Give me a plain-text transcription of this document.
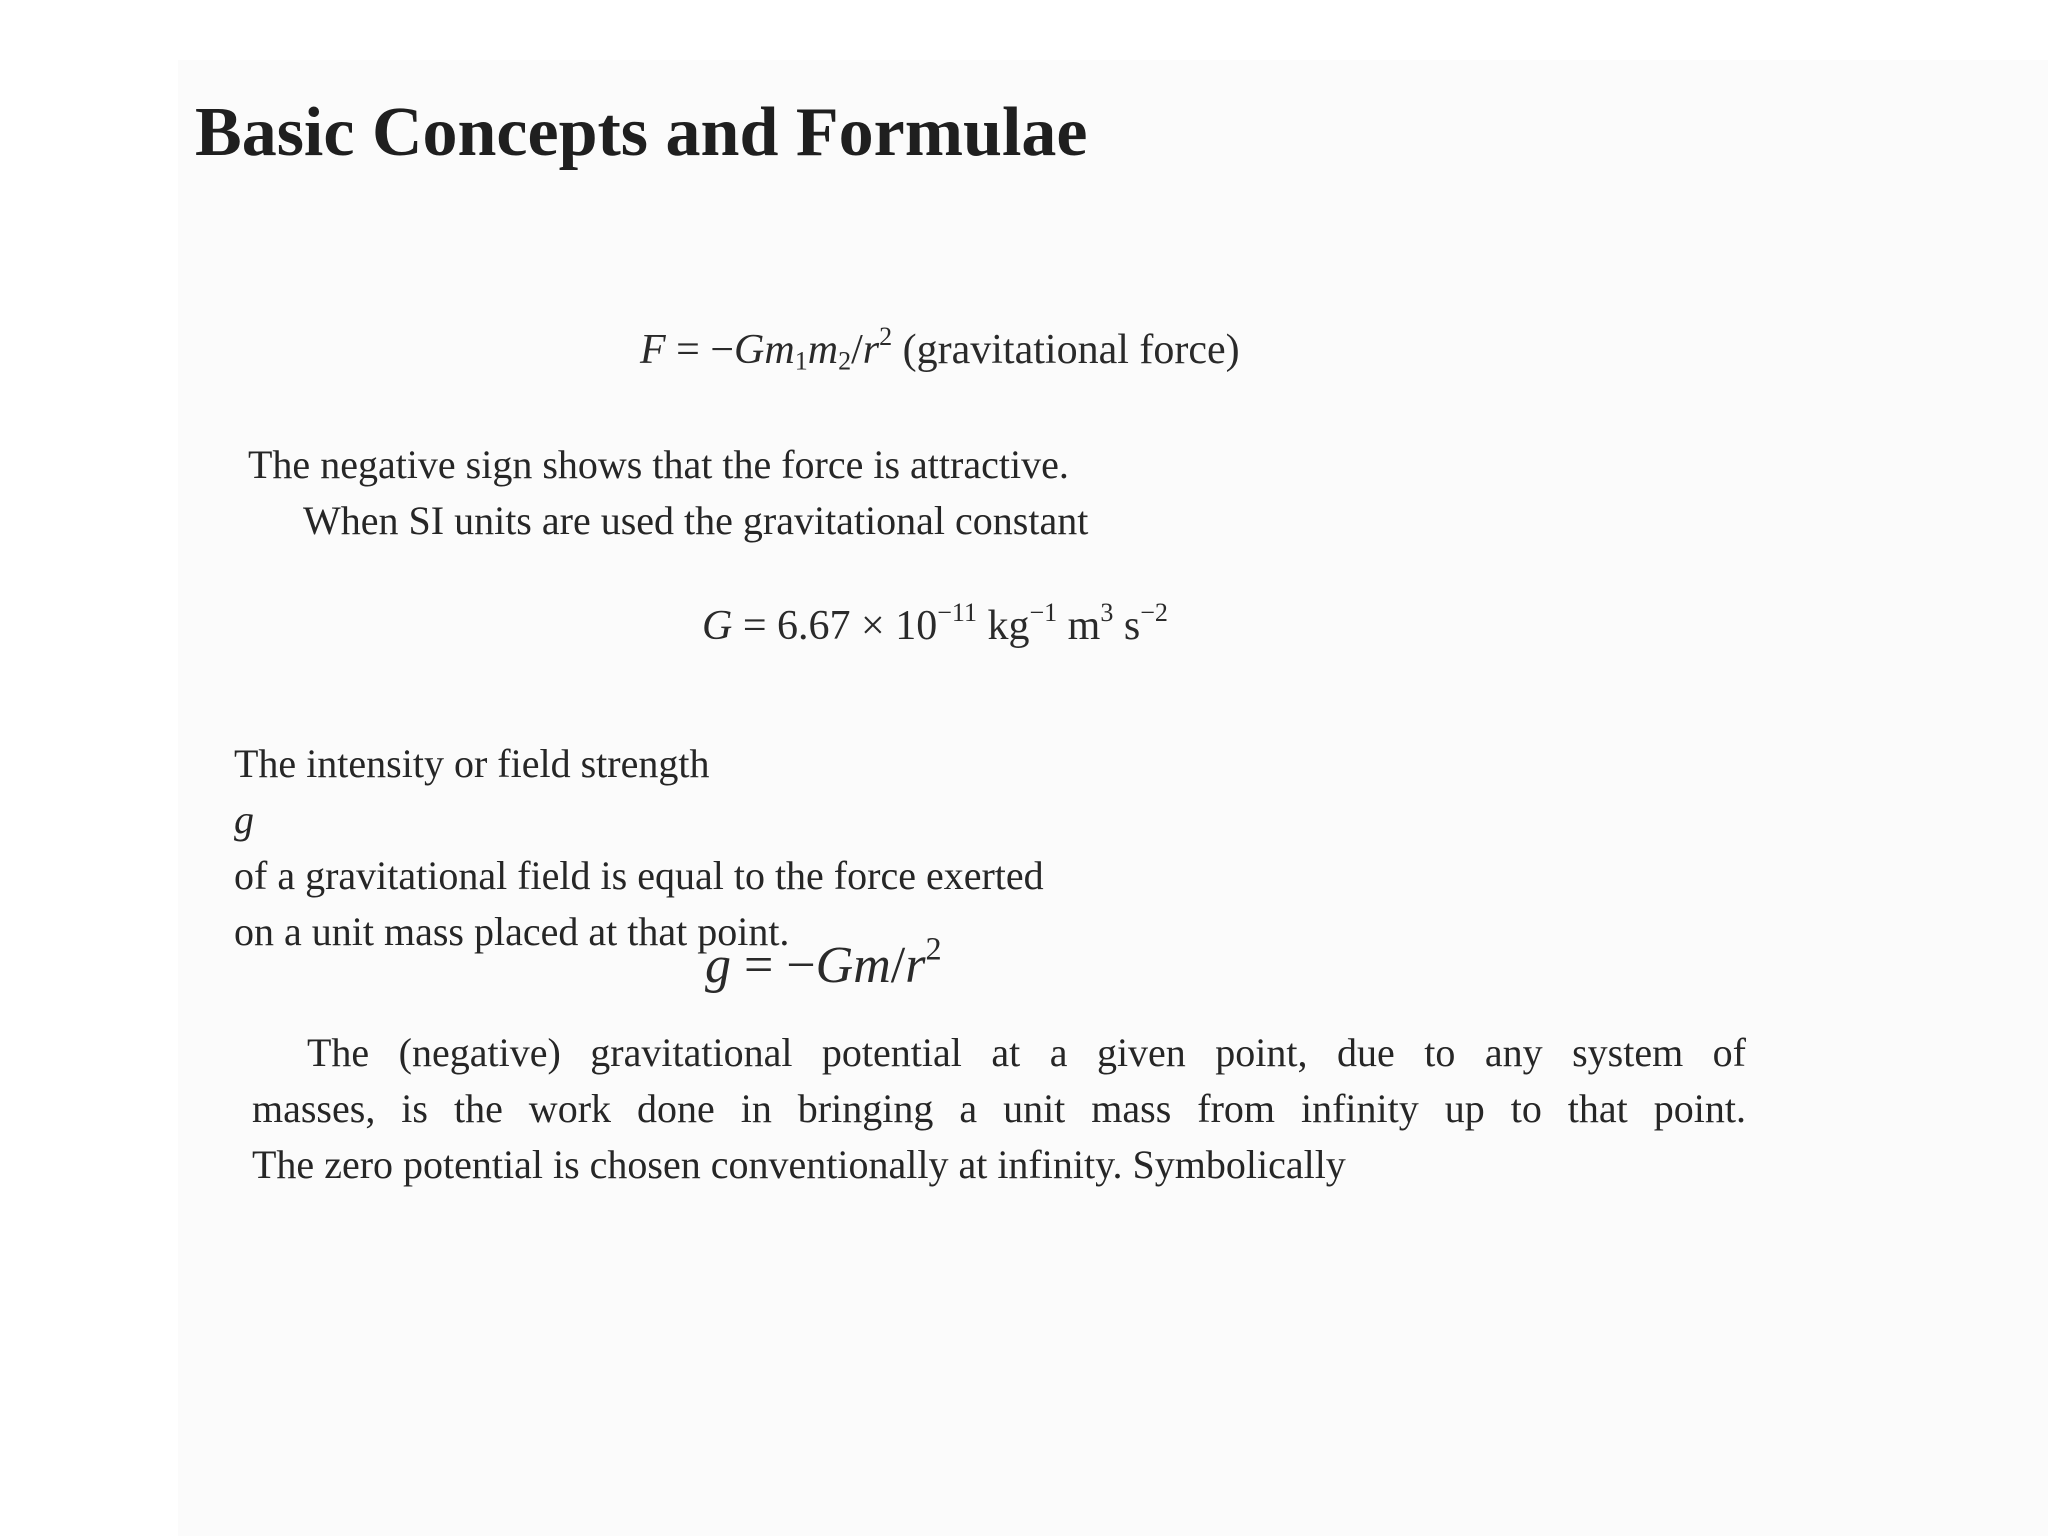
Basic Concepts and Formulae
$F = -Gm_1m_2/r^2$ (gravitational force)
The negative sign shows that the force is attractive.
When SI units are used the gravitational constant
$G = 6.67 \times 10^{-11}$ $kg^{-1}$ $m^3$ $s^{-2}$
The intensity or field strength
g
of a gravitational field is equal to the force exerted
on a unit mass placed at that point.
$g = -Gm/r^2$
The (negative) gravitational potential at a given point, due to any system of
masses, is the work done in bringing a unit mass from infinity up to that point.
The zero potential is chosen conventionally at infinity. Symbolically
